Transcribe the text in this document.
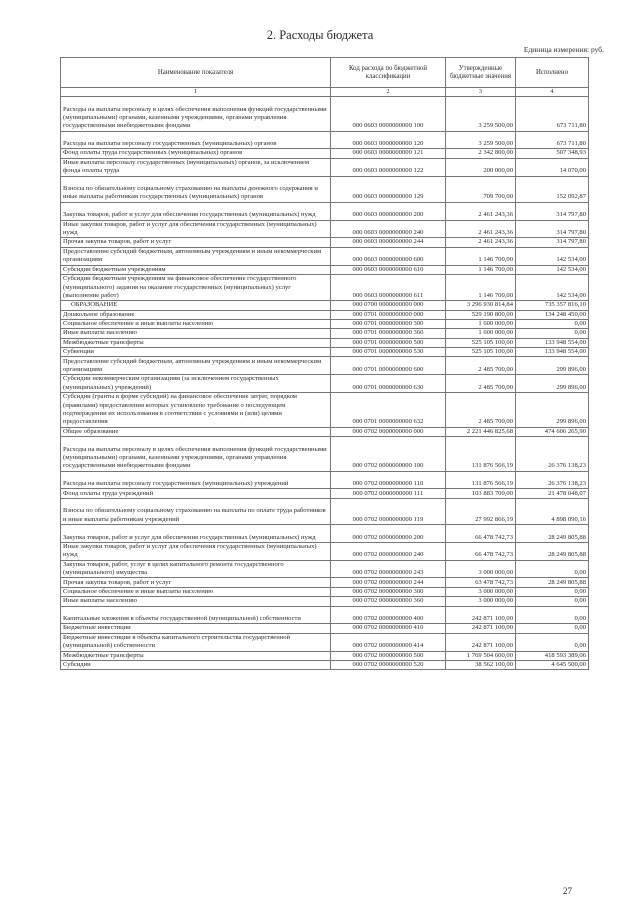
2. Расходы бюджета
Единица измерения: руб.
Наименование показателя	Код расхода по бюджетной классификации	Утвержденные бюджетные значения	Исполнено
1	2	3	4
Расходы на выплаты персоналу в целях обеспечения выполнения функций государственными (муниципальными) органами, казенными учреждениями, органами управления государственными внебюджетными фондами	000 0603 0000000000 100	3 259 500,00	673 711,80
Расходы на выплаты персоналу государственных (муниципальных) органов	000 0603 0000000000 120	3 259 500,00	673 711,80
Фонд оплаты труда государственных (муниципальных) органов	000 0603 0000000000 121	2 342 800,00	507 348,93
Иные выплаты персоналу государственных (муниципальных) органов, за исключением фонда оплаты труда	000 0603 0000000000 122	200 000,00	14 070,00
Взносы по обязательному социальному страхованию на выплаты денежного содержания и иные выплаты работникам государственных (муниципальных) органов	000 0603 0000000000 129	709 700,00	152 092,87
Закупка товаров, работ и услуг для обеспечения государственных (муниципальных) нужд	000 0603 0000000000 200	2 461 243,36	314 797,80
Иные закупки товаров, работ и услуг для обеспечения государственных (муниципальных) нужд	000 0603 0000000000 240	2 461 243,36	314 797,80
Прочая закупка товаров, работ и услуг	000 0603 0000000000 244	2 461 243,36	314 797,80
Предоставление субсидий бюджетным, автономным учреждениям и иным некоммерческим организациям	000 0603 0000000000 600	1 146 700,00	142 534,00
Субсидии бюджетным учреждениям	000 0603 0000000000 610	1 146 700,00	142 534,00
Субсидии бюджетным учреждениям на финансовое обеспечение государственного (муниципального) задания на оказание государственных (муниципальных) услуг (выполнение работ)	000 0603 0000000000 611	1 146 700,00	142 534,00
ОБРАЗОВАНИЕ	000 0700 0000000000 000	3 296 930 814,84	735 357 816,10
Дошкольное образование	000 0701 0000000000 000	529 190 800,00	134 248 450,00
Социальное обеспечение и иные выплаты населению	000 0701 0000000000 300	1 600 000,00	0,00
Иные выплаты населению	000 0701 0000000000 360	1 600 000,00	0,00
Межбюджетные трансферты	000 0701 0000000000 500	525 105 100,00	133 948 554,00
Субвенции	000 0701 0000000000 530	525 105 100,00	133 948 554,00
Предоставление субсидий бюджетным, автономным учреждениям и иным некоммерческим организациям	000 0701 0000000000 600	2 485 700,00	299 896,00
Субсидии некоммерческим организациям (за исключением государственных (муниципальных) учреждений)	000 0701 0000000000 630	2 485 700,00	299 896,00
Субсидии (гранты в форме субсидий) на финансовое обеспечение затрат, порядком (правилами) предоставления которых установлено требование о последующем подтверждении их использования в соответствии с условиями и (или) целями предоставления	000 0701 0000000000 632	2 485 700,00	299 896,00
Общее образование	000 0702 0000000000 000	2 221 446 825,68	474 606 265,90
Расходы на выплаты персоналу в целях обеспечения выполнения функций государственными (муниципальными) органами, казенными учреждениями, органами управления государственными внебюджетными фондами	000 0702 0000000000 100	131 876 566,19	26 376 138,23
Расходы на выплаты персоналу государственных (муниципальных) учреждений	000 0702 0000000000 110	131 876 566,19	26 376 138,23
Фонд оплаты труда учреждений	000 0702 0000000000 111	103 883 700,00	21 478 048,07
Взносы по обязательному социальному страхованию на выплаты по оплате труда работников и иные выплаты работникам учреждений	000 0702 0000000000 119	27 992 866,19	4 898 090,16
Закупка товаров, работ и услуг для обеспечения государственных (муниципальных) нужд	000 0702 0000000000 200	66 478 742,73	28 249 805,88
Иные закупки товаров, работ и услуг для обеспечения государственных (муниципальных) нужд	000 0702 0000000000 240	66 478 742,73	28 249 805,88
Закупка товаров, работ, услуг в целях капитального ремонта государственного (муниципального) имущества	000 0702 0000000000 243	3 000 000,00	0,00
Прочая закупка товаров, работ и услуг	000 0702 0000000000 244	63 478 742,73	28 249 805,88
Социальное обеспечение и иные выплаты населению	000 0702 0000000000 300	3 000 000,00	0,00
Иные выплаты населению	000 0702 0000000000 360	3 000 000,00	0,00
Капитальные вложения в объекты государственной (муниципальной) собственности	000 0702 0000000000 400	242 871 100,00	0,00
Бюджетные инвестиции	000 0702 0000000000 410	242 871 100,00	0,00
Бюджетные инвестиции в объекты капитального строительства государственной (муниципальной) собственности	000 0702 0000000000 414	242 871 100,00	0,00
Межбюджетные трансферты	000 0702 0000000000 500	1 769 504 600,00	418 593 389,06
Субсидии	000 0702 0000000000 520	38 562 100,00	4 645 500,00
27
